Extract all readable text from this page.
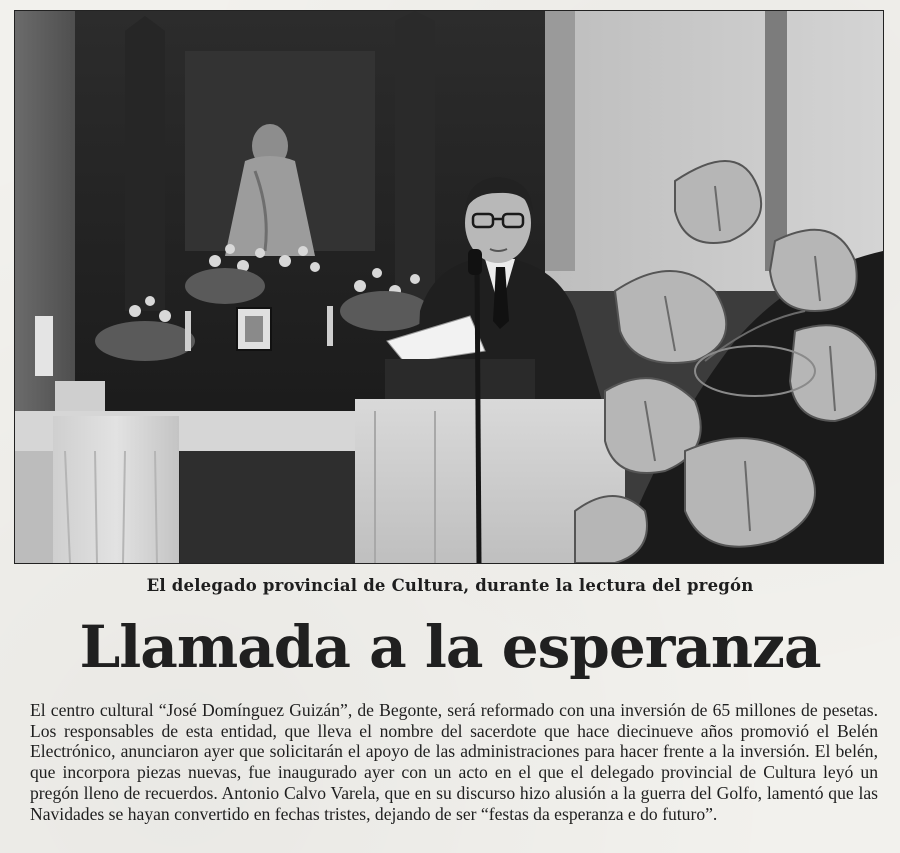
El delegado provincial de Cultura, durante la lectura del pregón
Llamada a la esperanza

El centro cultural “José Domínguez Guizán”, de Begonte, será reformado con una inversión de 65 millones de pesetas. Los responsables de esta entidad, que lleva el nombre del sacerdote que hace diecinueve años promovió el Belén Electrónico, anunciaron ayer que solicitarán el apoyo de las administraciones para hacer frente a la inversión. El belén, que incorpora piezas nuevas, fue inaugurado ayer con un acto en el que el delegado provincial de Cultura leyó un pregón lleno de recuerdos. Antonio Calvo Varela, que en su discurso hizo alusión a la guerra del Golfo, lamentó que las Navidades se hayan convertido en fechas tristes, dejando de ser “festas da esperanza e do futuro”.
